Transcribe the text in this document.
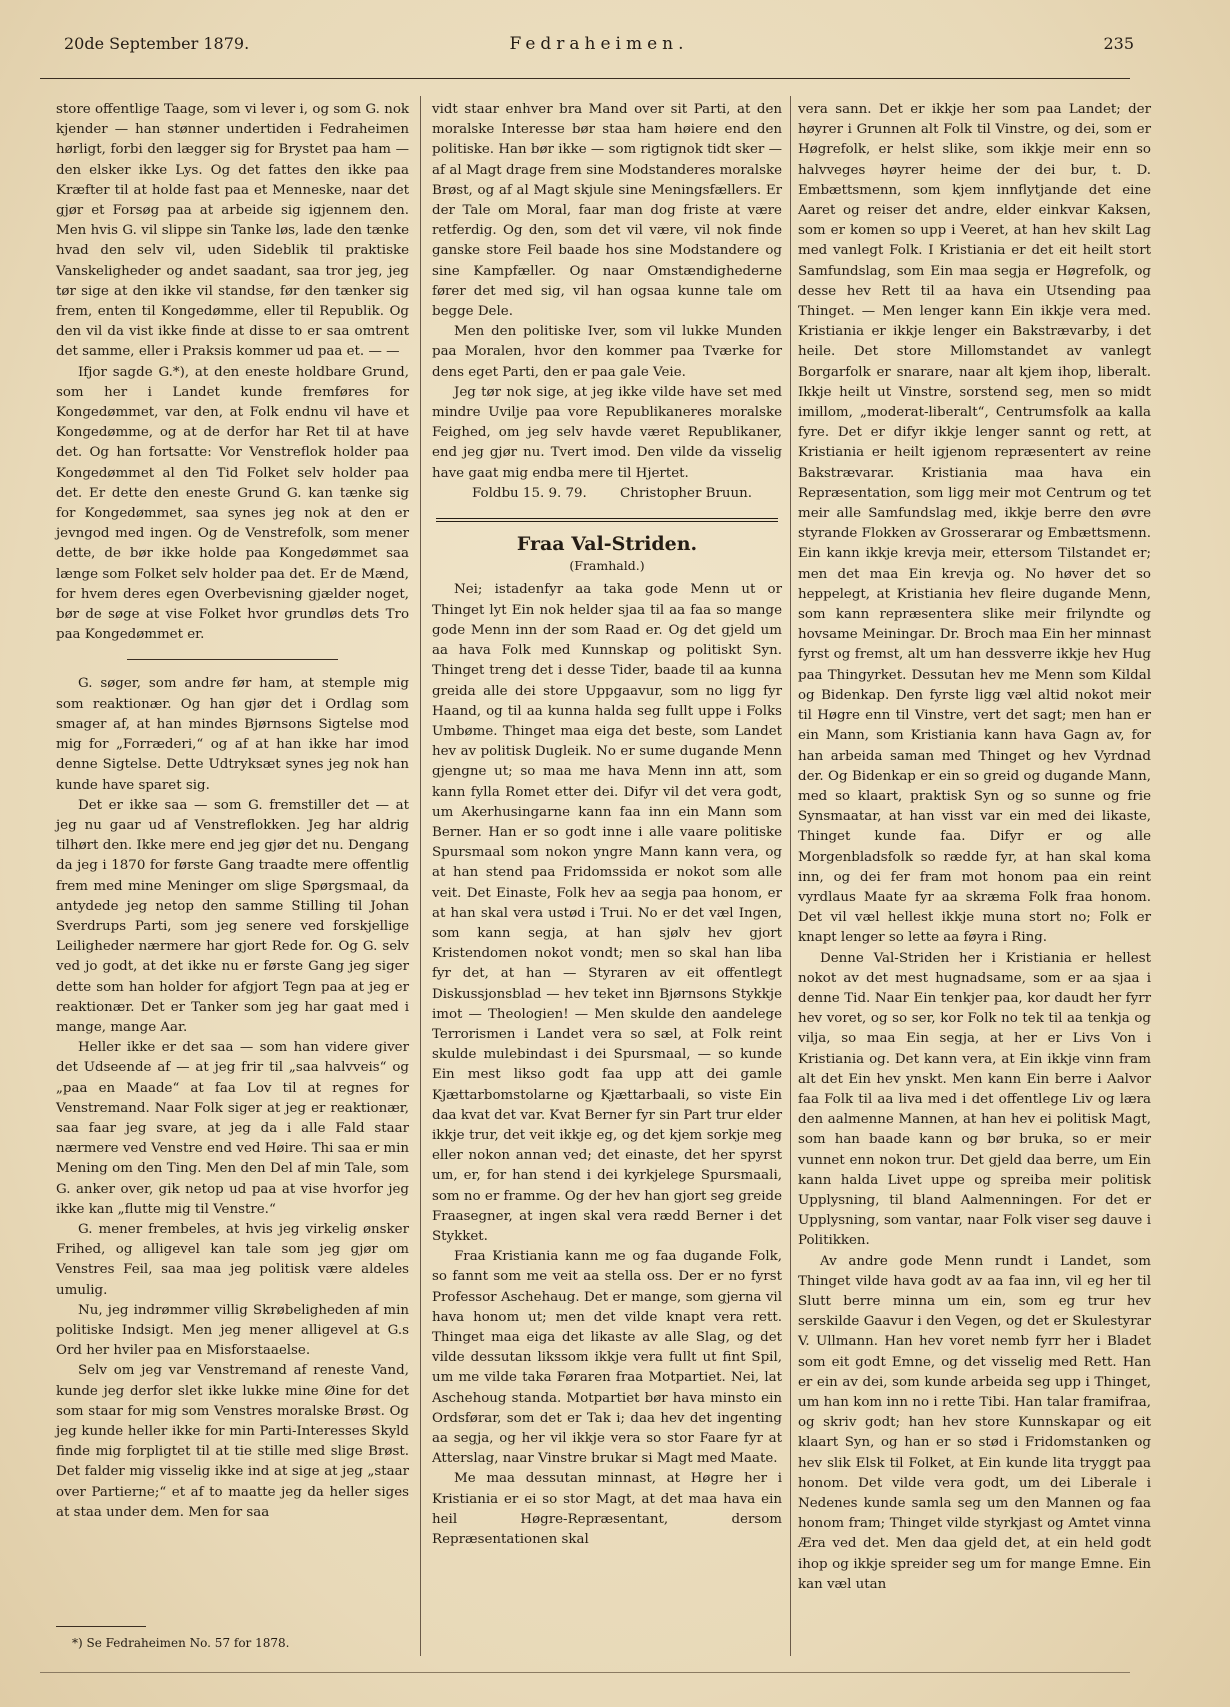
20de September 1879.	Fedraheimen.	235

store offentlige Taage, som vi lever i, og som G. nok kjender — han stønner undertiden i Fedraheimen hørligt, forbi den lægger sig for Brystet paa ham — den elsker ikke Lys. Og det fattes den ikke paa Kræfter til at holde fast paa et Menneske, naar det gjør et Forsøg paa at arbeide sig igjennem den. Men hvis G. vil slippe sin Tanke løs, lade den tænke hvad den selv vil, uden Sideblik til praktiske Vanskeligheder og andet saadant, saa tror jeg, jeg tør sige at den ikke vil standse, før den tænker sig frem, enten til Kongedømme, eller til Republik. Og den vil da vist ikke finde at disse to er saa omtrent det samme, eller i Praksis kommer ud paa et. — —

Ifjor sagde G.*), at den eneste holdbare Grund, som her i Landet kunde fremføres for Kongedømmet, var den, at Folk endnu vil have et Kongedømme, og at de derfor har Ret til at have det. Og han fortsatte: Vor Venstreflok holder paa Kongedømmet al den Tid Folket selv holder paa det. Er dette den eneste Grund G. kan tænke sig for Kongedømmet, saa synes jeg nok at den er jevngod med ingen. Og de Venstrefolk, som mener dette, de bør ikke holde paa Kongedømmet saa længe som Folket selv holder paa det. Er de Mænd, for hvem deres egen Overbevisning gjælder noget, bør de søge at vise Folket hvor grundløs dets Tro paa Kongedømmet er.

G. søger, som andre før ham, at stemple mig som reaktionær. Og han gjør det i Ordlag som smager af, at han mindes Bjørnsons Sigtelse mod mig for „Forræderi,“ og af at han ikke har imod denne Sigtelse. Dette Udtryksæt synes jeg nok han kunde have sparet sig.

Det er ikke saa — som G. fremstiller det — at jeg nu gaar ud af Venstreflokken. Jeg har aldrig tilhørt den. Ikke mere end jeg gjør det nu. Dengang da jeg i 1870 for første Gang traadte mere offentlig frem med mine Meninger om slige Spørgsmaal, da antydede jeg netop den samme Stilling til Johan Sverdrups Parti, som jeg senere ved forskjellige Leiligheder nærmere har gjort Rede for. Og G. selv ved jo godt, at det ikke nu er første Gang jeg siger dette som han holder for afgjort Tegn paa at jeg er reaktionær. Det er Tanker som jeg har gaat med i mange, mange Aar.

Heller ikke er det saa — som han videre giver det Udseende af — at jeg frir til „saa halvveis“ og „paa en Maade“ at faa Lov til at regnes for Venstremand. Naar Folk siger at jeg er reaktionær, saa faar jeg svare, at jeg da i alle Fald staar nærmere ved Venstre end ved Høire. Thi saa er min Mening om den Ting. Men den Del af min Tale, som G. anker over, gik netop ud paa at vise hvorfor jeg ikke kan „flutte mig til Venstre.“

G. mener frembeles, at hvis jeg virkelig ønsker Frihed, og alligevel kan tale som jeg gjør om Venstres Feil, saa maa jeg politisk være aldeles umulig.

Nu, jeg indrømmer villig Skrøbeligheden af min politiske Indsigt. Men jeg mener alligevel at G.s Ord her hviler paa en Misforstaaelse.

Selv om jeg var Venstremand af reneste Vand, kunde jeg derfor slet ikke lukke mine Øine for det som staar for mig som Venstres moralske Brøst. Og jeg kunde heller ikke for min Parti-Interesses Skyld finde mig forpligtet til at tie stille med slige Brøst. Det falder mig visselig ikke ind at sige at jeg „staar over Partierne;“ et af to maatte jeg da heller siges at staa under dem. Men for saa

vidt staar enhver bra Mand over sit Parti, at den moralske Interesse bør staa ham høiere end den politiske. Han bør ikke — som rigtignok tidt sker — af al Magt drage frem sine Modstanderes moralske Brøst, og af al Magt skjule sine Meningsfællers. Er der Tale om Moral, faar man dog friste at være retferdig. Og den, som det vil være, vil nok finde ganske store Feil baade hos sine Modstandere og sine Kampfæller. Og naar Omstændighederne fører det med sig, vil han ogsaa kunne tale om begge Dele.

Men den politiske Iver, som vil lukke Munden paa Moralen, hvor den kommer paa Tværke for dens eget Parti, den er paa gale Veie.

Jeg tør nok sige, at jeg ikke vilde have set med mindre Uvilje paa vore Republikaneres moralske Feighed, om jeg selv havde været Republikaner, end jeg gjør nu. Tvert imod. Den vilde da visselig have gaat mig endba mere til Hjertet.

Foldbu 15. 9. 79.	Christopher Bruun.

Fraa Val-Striden.
(Framhald.)

Nei; istadenfyr aa taka gode Menn ut or Thinget lyt Ein nok helder sjaa til aa faa so mange gode Menn inn der som Raad er. Og det gjeld um aa hava Folk med Kunnskap og politiskt Syn. Thinget treng det i desse Tider, baade til aa kunna greida alle dei store Uppgaavur, som no ligg fyr Haand, og til aa kunna halda seg fullt uppe i Folks Umbøme. Thinget maa eiga det beste, som Landet hev av politisk Dugleik. No er sume dugande Menn gjengne ut; so maa me hava Menn inn att, som kann fylla Romet etter dei. Difyr vil det vera godt, um Akerhusingarne kann faa inn ein Mann som Berner. Han er so godt inne i alle vaare politiske Spursmaal som nokon yngre Mann kann vera, og at han stend paa Fridomssida er nokot som alle veit. Det Einaste, Folk hev aa segja paa honom, er at han skal vera ustød i Trui. No er det væl Ingen, som kann segja, at han sjølv hev gjort Kristendomen nokot vondt; men so skal han liba fyr det, at han — Styraren av eit offentlegt Diskussjonsblad — hev teket inn Bjørnsons Stykkje imot — Theologien! — Men skulde den aandelege Terrorismen i Landet vera so sæl, at Folk reint skulde mulebindast i dei Spursmaal, — so kunde Ein mest likso godt faa upp att dei gamle Kjættarbomstolarne og Kjættarbaali, so viste Ein daa kvat det var. Kvat Berner fyr sin Part trur elder ikkje trur, det veit ikkje eg, og det kjem sorkje meg eller nokon annan ved; det einaste, det her spyrst um, er, for han stend i dei kyrkjelege Spursmaali, som no er framme. Og der hev han gjort seg greide Fraasegner, at ingen skal vera rædd Berner i det Stykket.

Fraa Kristiania kann me og faa dugande Folk, so fannt som me veit aa stella oss. Der er no fyrst Professor Aschehaug. Det er mange, som gjerna vil hava honom ut; men det vilde knapt vera rett. Thinget maa eiga det likaste av alle Slag, og det vilde dessutan likssom ikkje vera fullt ut fint Spil, um me vilde taka Føraren fraa Motpartiet. Nei, lat Aschehoug standa. Motpartiet bør hava minsto ein Ordsførar, som det er Tak i; daa hev det ingenting aa segja, og her vil ikkje vera so stor Faare fyr at Atterslag, naar Vinstre brukar si Magt med Maate.

Me maa dessutan minnast, at Høgre her i Kristiania er ei so stor Magt, at det maa hava ein heil Høgre-Repræsentant, dersom Repræsentationen skal

vera sann. Det er ikkje her som paa Landet; der høyrer i Grunnen alt Folk til Vinstre, og dei, som er Høgrefolk, er helst slike, som ikkje meir enn so halvveges høyrer heime der dei bur, t. D. Embættsmenn, som kjem innflytjande det eine Aaret og reiser det andre, elder einkvar Kaksen, som er komen so upp i Veeret, at han hev skilt Lag med vanlegt Folk. I Kristiania er det eit heilt stort Samfundslag, som Ein maa segja er Høgrefolk, og desse hev Rett til aa hava ein Utsending paa Thinget. — Men lenger kann Ein ikkje vera med. Kristiania er ikkje lenger ein Bakstrævarby, i det heile. Det store Millomstandet av vanlegt Borgarfolk er snarare, naar alt kjem ihop, liberalt. Ikkje heilt ut Vinstre, sorstend seg, men so midt imillom, „moderat-liberalt“, Centrumsfolk aa kalla fyre. Det er difyr ikkje lenger sannt og rett, at Kristiania er heilt igjenom repræsentert av reine Bakstrævarar. Kristiania maa hava ein Repræsentation, som ligg meir mot Centrum og tet meir alle Samfundslag med, ikkje berre den øvre styrande Flokken av Grosserarar og Embættsmenn. Ein kann ikkje krevja meir, ettersom Tilstandet er; men det maa Ein krevja og. No høver det so heppelegt, at Kristiania hev fleire dugande Menn, som kann repræsentera slike meir frilyndte og hovsame Meiningar. Dr. Broch maa Ein her minnast fyrst og fremst, alt um han dessverre ikkje hev Hug paa Thingyrket. Dessutan hev me Menn som Kildal og Bidenkap. Den fyrste ligg væl altid nokot meir til Høgre enn til Vinstre, vert det sagt; men han er ein Mann, som Kristiania kann hava Gagn av, for han arbeida saman med Thinget og hev Vyrdnad der. Og Bidenkap er ein so greid og dugande Mann, med so klaart, praktisk Syn og so sunne og frie Synsmaatar, at han visst var ein med dei likaste, Thinget kunde faa. Difyr er og alle Morgenbladsfolk so rædde fyr, at han skal koma inn, og dei fer fram mot honom paa ein reint vyrdlaus Maate fyr aa skræma Folk fraa honom. Det vil væl hellest ikkje muna stort no; Folk er knapt lenger so lette aa føyra i Ring.

Denne Val-Striden her i Kristiania er hellest nokot av det mest hugnadsame, som er aa sjaa i denne Tid. Naar Ein tenkjer paa, kor daudt her fyrr hev voret, og so ser, kor Folk no tek til aa tenkja og vilja, so maa Ein segja, at her er Livs Von i Kristiania og. Det kann vera, at Ein ikkje vinn fram alt det Ein hev ynskt. Men kann Ein berre i Aalvor faa Folk til aa liva med i det offentlege Liv og læra den aalmenne Mannen, at han hev ei politisk Magt, som han baade kann og bør bruka, so er meir vunnet enn nokon trur. Det gjeld daa berre, um Ein kann halda Livet uppe og spreiba meir politisk Upplysning, til bland Aalmenningen. For det er Upplysning, som vantar, naar Folk viser seg dauve i Politikken.

Av andre gode Menn rundt i Landet, som Thinget vilde hava godt av aa faa inn, vil eg her til Slutt berre minna um ein, som eg trur hev serskilde Gaavur i den Vegen, og det er Skulestyrar V. Ullmann. Han hev voret nemb fyrr her i Bladet som eit godt Emne, og det visselig med Rett. Han er ein av dei, som kunde arbeida seg upp i Thinget, um han kom inn no i rette Tibi. Han talar framifraa, og skriv godt; han hev store Kunnskapar og eit klaart Syn, og han er so stød i Fridomstanken og hev slik Elsk til Folket, at Ein kunde lita tryggt paa honom. Det vilde vera godt, um dei Liberale i Nedenes kunde samla seg um den Mannen og faa honom fram; Thinget vilde styrkjast og Amtet vinna Æra ved det. Men daa gjeld det, at ein held godt ihop og ikkje spreider seg um for mange Emne. Ein kan væl utan

*) Se Fedraheimen No. 57 for 1878.
